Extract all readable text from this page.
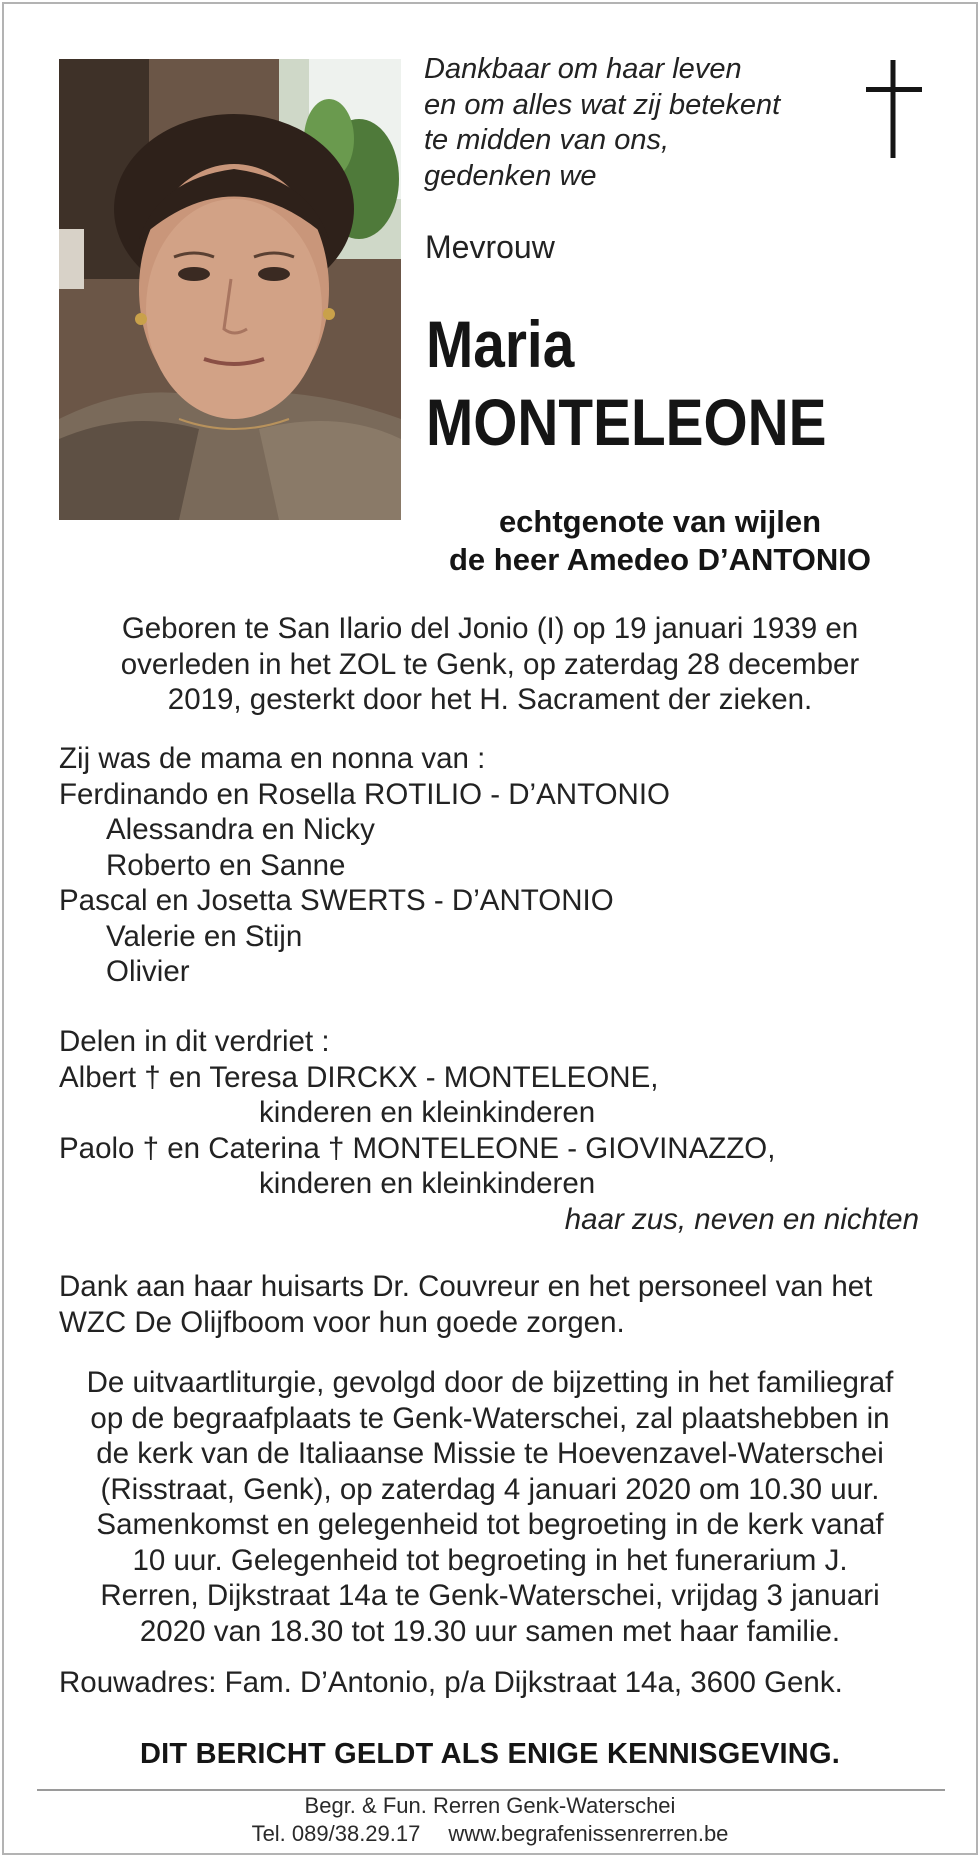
Dankbaar om haar leven
en om alles wat zij betekent
te midden van ons,
gedenken we

Mevrouw

Maria
MONTELEONE
echtgenote van wijlen
de heer Amedeo D’ANTONIO
Geboren te San Ilario del Jonio (I) op 19 januari 1939 en
overleden in het ZOL te Genk, op zaterdag 28 december
2019, gesterkt door het H. Sacrament der zieken.
Zij was de mama en nonna van :
Ferdinando en Rosella ROTILIO - D’ANTONIO
Alessandra en Nicky
Roberto en Sanne
Pascal en Josetta SWERTS - D’ANTONIO
Valerie en Stijn
Olivier
Delen in dit verdriet :
Albert † en Teresa DIRCKX - MONTELEONE,
kinderen en kleinkinderen
Paolo † en Caterina † MONTELEONE - GIOVINAZZO,
kinderen en kleinkinderen
haar zus, neven en nichten
Dank aan haar huisarts Dr. Couvreur en het personeel van het
WZC De Olijfboom voor hun goede zorgen.
De uitvaartliturgie, gevolgd door de bijzetting in het familiegraf
op de begraafplaats te Genk-Waterschei, zal plaatshebben in
de kerk van de Italiaanse Missie te Hoevenzavel-Waterschei
(Risstraat, Genk), op zaterdag 4 januari 2020 om 10.30 uur.
Samenkomst en gelegenheid tot begroeting in de kerk vanaf
10 uur. Gelegenheid tot begroeting in het funerarium J.
Rerren, Dijkstraat 14a te Genk-Waterschei, vrijdag 3 januari
2020 van 18.30 tot 19.30 uur samen met haar familie.

Rouwadres: Fam. D’Antonio, p/a Dijkstraat 14a, 3600 Genk.

DIT BERICHT GELDT ALS ENIGE KENNISGEVING.

Begr. & Fun. Rerren Genk-Waterschei
Tel. 089/38.29.17 www.begrafenissenrerren.be
